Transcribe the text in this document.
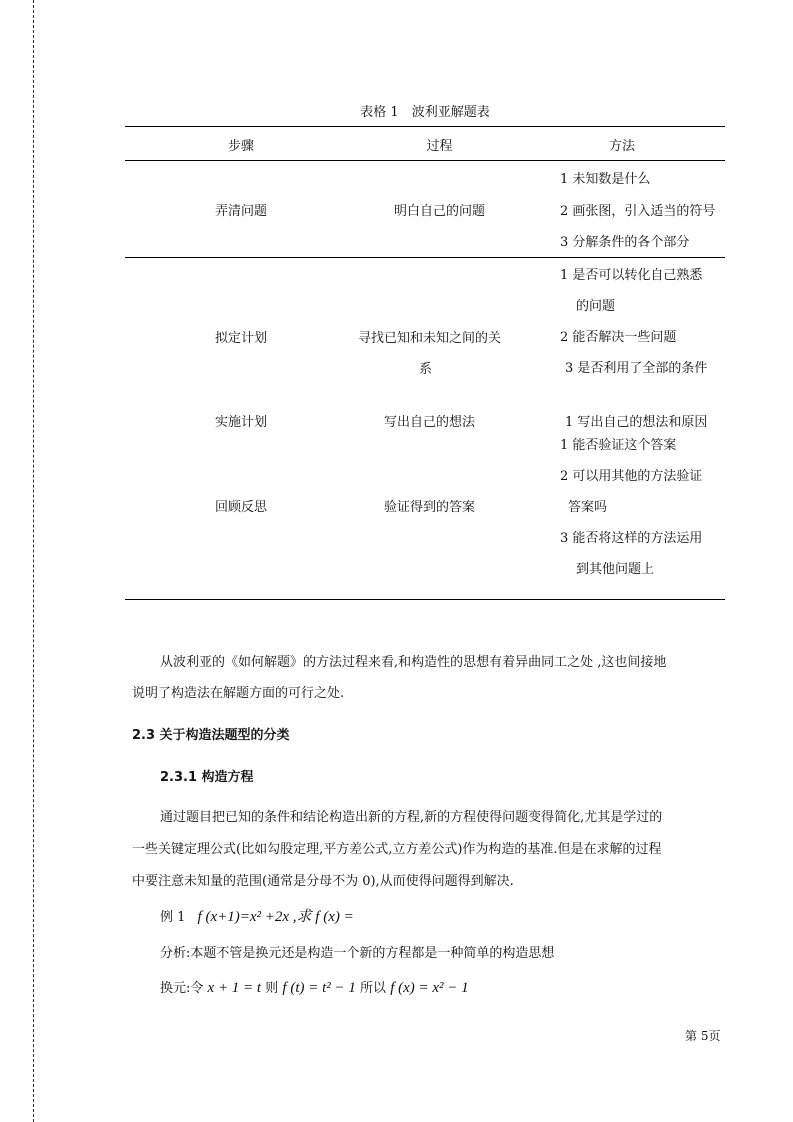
表格 1　波利亚解题表
步骤	过程	方法
弄清问题	明白自己的问题
1 未知数是什么
2 画张图，引入适当的符号
3 分解条件的各个部分
拟定计划	寻找已知和未知之间的关
系
1 是否可以转化自己熟悉
的问题
2 能否解决一些问题
3 是否利用了全部的条件
实施计划	写出自己的想法	1 写出自己的想法和原因
回顾反思	验证得到的答案
1 能否验证这个答案
2 可以用其他的方法验证
答案吗
3 能否将这样的方法运用
到其他问题上
从波利亚的《如何解题》的方法过程来看,和构造性的思想有着异曲同工之处 ,这也间接地
说明了构造法在解题方面的可行之处.
2.3 关于构造法题型的分类
2.3.1 构造方程
通过题目把已知的条件和结论构造出新的方程,新的方程使得问题变得简化,尤其是学过的
一些关键定理公式(比如勾股定理,平方差公式,立方差公式)作为构造的基准.但是在求解的过程
中要注意未知量的范围(通常是分母不为 0),从而使得问题得到解决.
例 1 f (x+1)=x² +2x ,求 f (x) =
分析:本题不管是换元还是构造一个新的方程都是一种简单的构造思想
换元:令 x + 1 = t 则 f (t) = t² − 1 所以 f (x) = x² − 1
第 5页
